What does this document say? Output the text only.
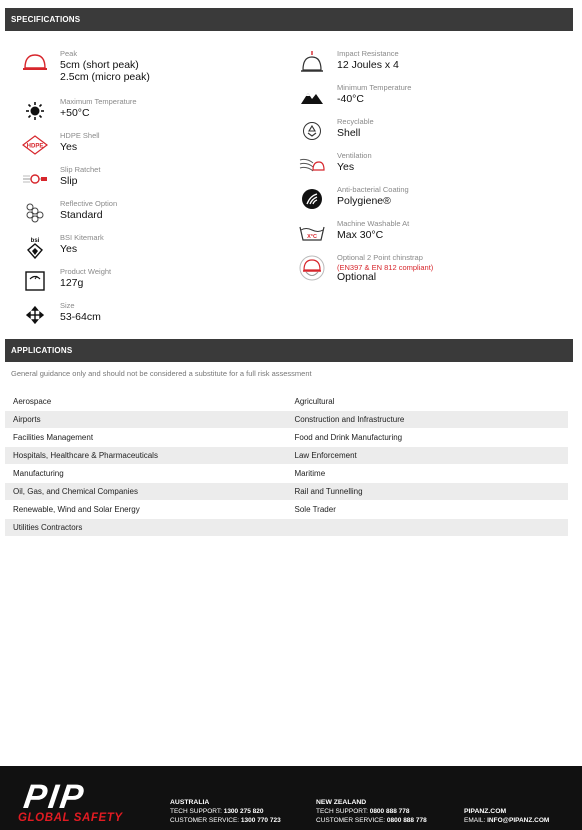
SPECIFICATIONS
Peak
5cm (short peak)
2.5cm (micro peak)
Maximum Temperature
+50°C
HDPE
HDPE Shell
Yes
Slip Ratchet
Slip
Reflective Option
Standard
bsi	BSI Kitemark
Yes
Product Weight
127g
Size
53-64cm
Impact Resistance
12 Joules x 4
Minimum Temperature
-40°C
Recyclable
Shell
Ventilation
Yes
Anti-bacterial Coating
Polygiene®
X°C
Machine Washable At
Max 30°C
Optional 2 Point chinstrap
(EN397 & EN 812 compliant)
Optional
APPLICATIONS
General guidance only and should not be considered a substitute for a full risk assessment
Aerospace	Agricultural
Airports	Construction and Infrastructure
Facilities Management	Food and Drink Manufacturing
Hospitals, Healthcare & Pharmaceuticals	Law Enforcement
Manufacturing	Maritime
Oil, Gas, and Chemical Companies	Rail and Tunnelling
Renewable, Wind and Solar Energy	Sole Trader
Utilities Contractors	
PIP
GLOBAL SAFETY
AUSTRALIA
TECH SUPPORT: 1300 275 820
CUSTOMER SERVICE: 1300 770 723
NEW ZEALAND
TECH SUPPORT: 0800 888 778
CUSTOMER SERVICE: 0800 888 778
PIPANZ.COM
EMAIL: INFO@PIPANZ.COM
